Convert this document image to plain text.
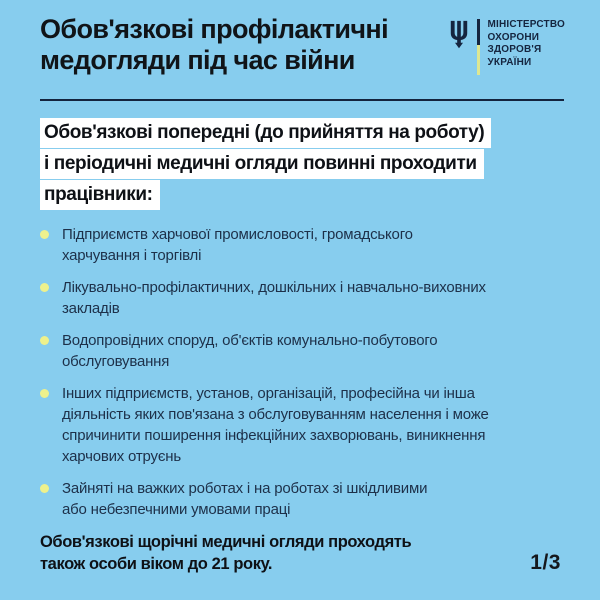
Обов'язкові профілактичні
медогляди під час війни
МІНІСТЕРСТВО
ОХОРОНИ
ЗДОРОВ'Я
УКРАЇНИ
Обов'язкові попередні (до прийняття на роботу)
і періодичні медичні огляди повинні проходити
працівники:
Підприємств харчової промисловості, громадського
харчування і торгівлі
Лікувально-профілактичних, дошкільних і навчально-виховних
закладів
Водопровідних споруд, об'єктів комунально-побутового
обслуговування
Інших підприємств, установ, організацій, професійна чи інша
діяльність яких пов'язана з обслуговуванням населення і може
спричинити поширення інфекційних захворювань, виникнення
харчових отруєнь
Зайняті на важких роботах і на роботах зі шкідливими
або небезпечними умовами праці
Обов'язкові щорічні медичні огляди проходять
також особи віком до 21 року.	1/3
